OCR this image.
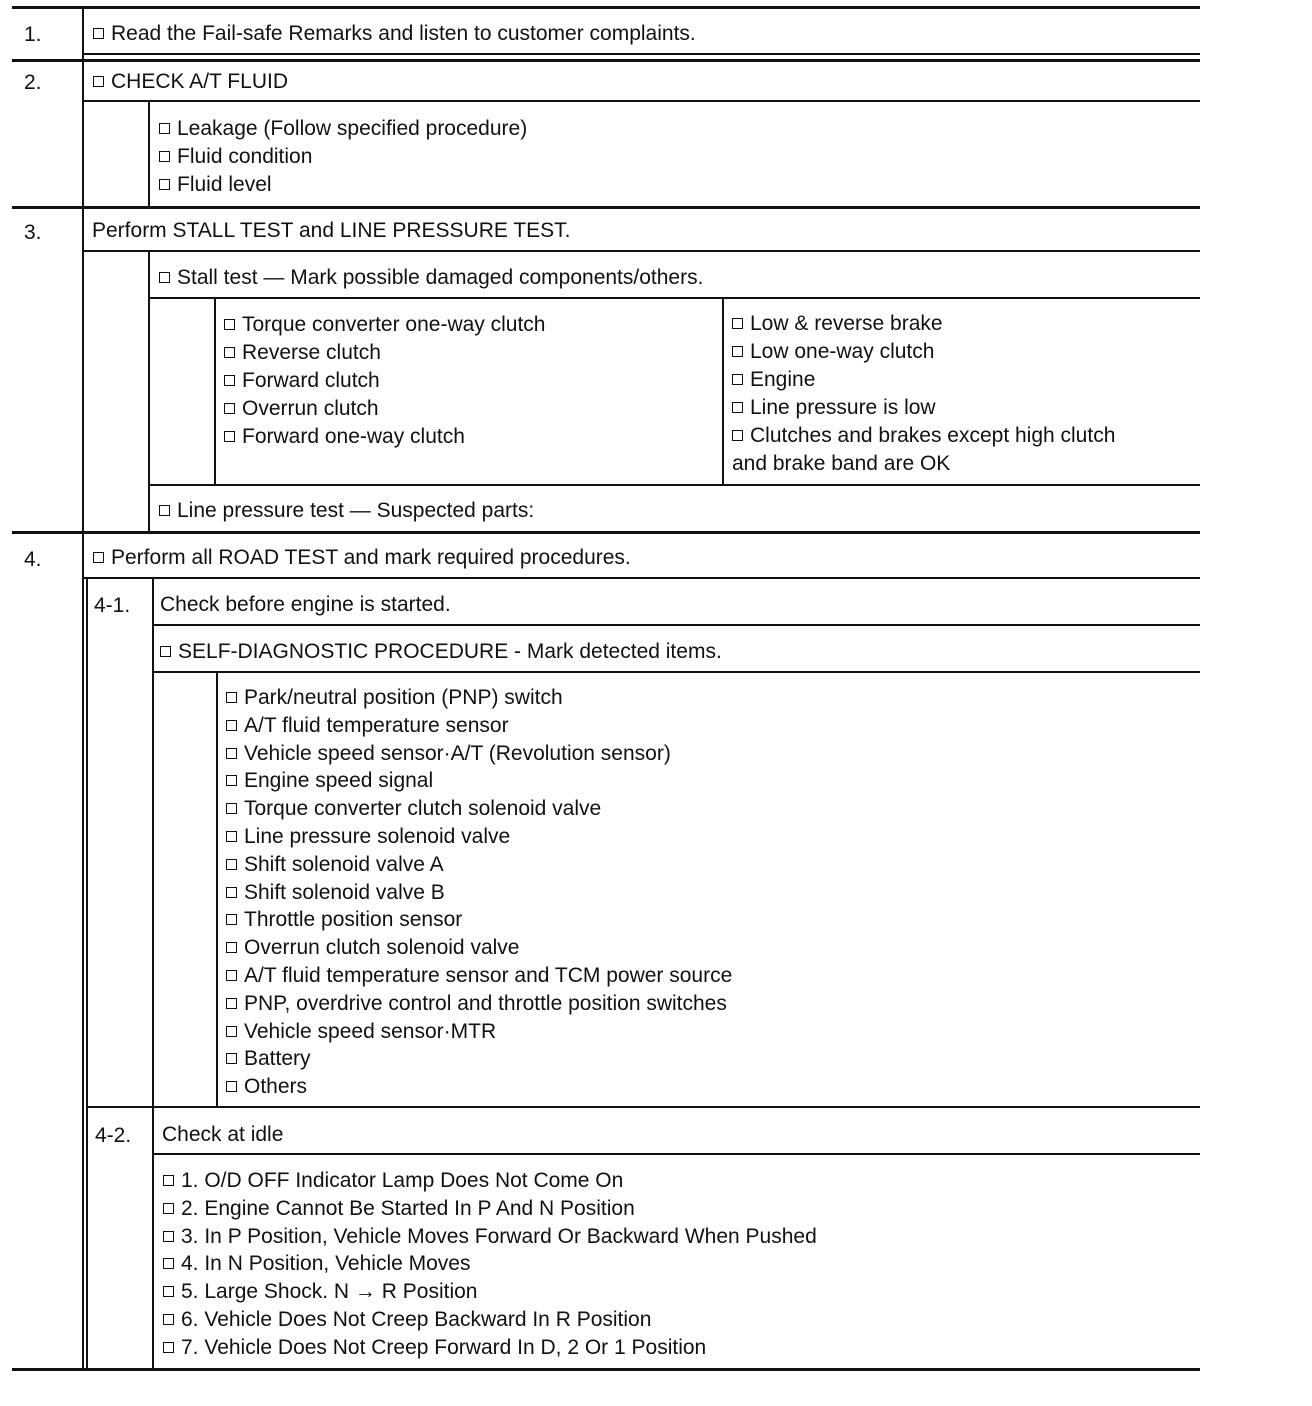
1.	Read the Fail-safe Remarks and listen to customer complaints.
2.	CHECK A/T FLUID
Leakage (Follow specified procedure)
Fluid condition
Fluid level
3. Perform STALL TEST and LINE PRESSURE TEST.
Stall test — Mark possible damaged components/others.
Torque converter one-way clutch
Reverse clutch
Forward clutch
Overrun clutch
Forward one-way clutch
Low & reverse brake
Low one-way clutch
Engine
Line pressure is low
Clutches and brakes except high clutch
and brake band are OK
Line pressure test — Suspected parts:
4.	Perform all ROAD TEST and mark required procedures.
4-1. Check before engine is started.
SELF-DIAGNOSTIC PROCEDURE - Mark detected items.
Park/neutral position (PNP) switch
A/T fluid temperature sensor
Vehicle speed sensor·A/T (Revolution sensor)
Engine speed signal
Torque converter clutch solenoid valve
Line pressure solenoid valve
Shift solenoid valve A
Shift solenoid valve B
Throttle position sensor
Overrun clutch solenoid valve
A/T fluid temperature sensor and TCM power source
PNP, overdrive control and throttle position switches
Vehicle speed sensor·MTR
Battery
Others
4-2. Check at idle
1. O/D OFF Indicator Lamp Does Not Come On
2. Engine Cannot Be Started In P And N Position
3. In P Position, Vehicle Moves Forward Or Backward When Pushed
4. In N Position, Vehicle Moves
5. Large Shock. N → R Position
6. Vehicle Does Not Creep Backward In R Position
7. Vehicle Does Not Creep Forward In D, 2 Or 1 Position
